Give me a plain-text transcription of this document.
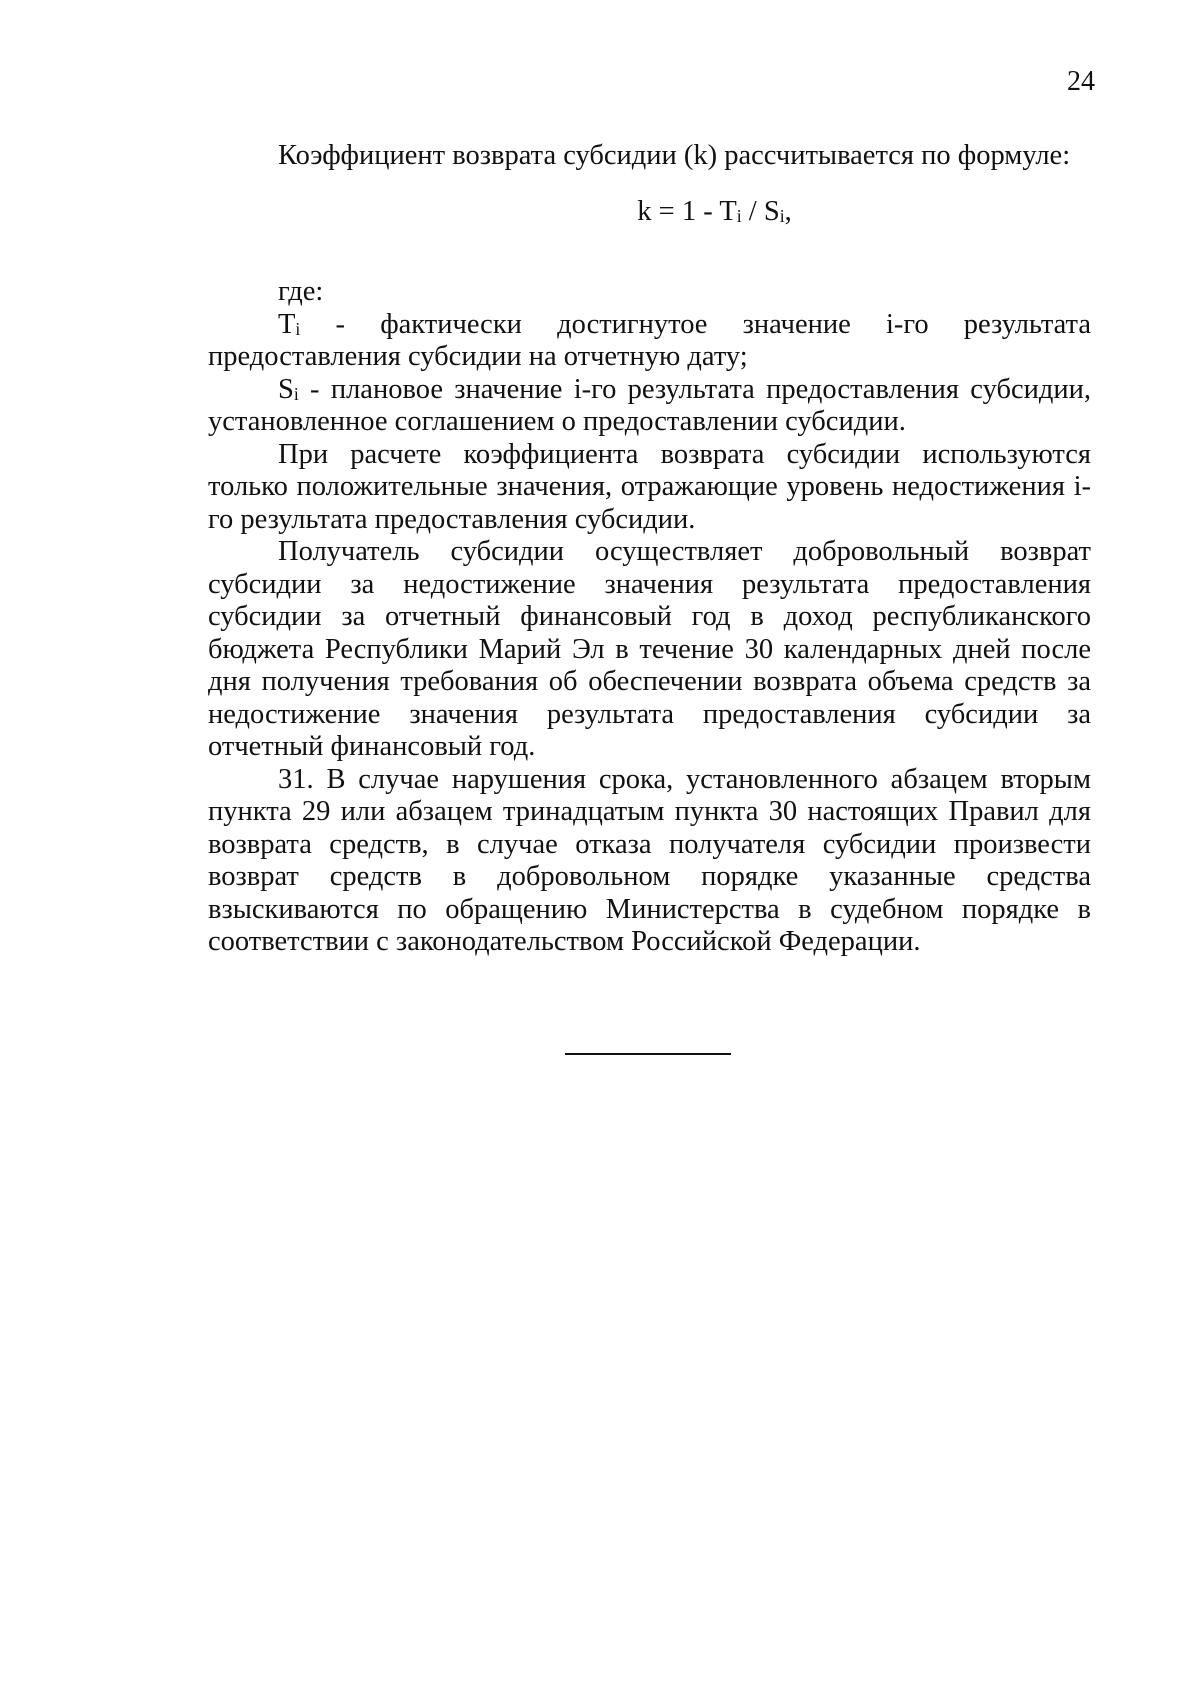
24

Коэффициент возврата субсидии (k) рассчитывается по формуле:

$k = 1 - T_i / S_i$,

где:

$T_i$ - фактически достигнутое значение i-го результата предоставления субсидии на отчетную дату;

$S_i$ - плановое значение i-го результата предоставления субсидии, установленное соглашением о предоставлении субсидии.

При расчете коэффициента возврата субсидии используются только положительные значения, отражающие уровень недостижения i-го результата предоставления субсидии.

Получатель субсидии осуществляет добровольный возврат субсидии за недостижение значения результата предоставления субсидии за отчетный финансовый год в доход республиканского бюджета Республики Марий Эл в течение 30 календарных дней после дня получения требования об обеспечении возврата объема средств за недостижение значения результата предоставления субсидии за отчетный финансовый год.

31. В случае нарушения срока, установленного абзацем вторым пункта 29 или абзацем тринадцатым пункта 30 настоящих Правил для возврата средств, в случае отказа получателя субсидии произвести возврат средств в добровольном порядке указанные средства взыскиваются по обращению Министерства в судебном порядке в соответствии с законодательством Российской Федерации.
